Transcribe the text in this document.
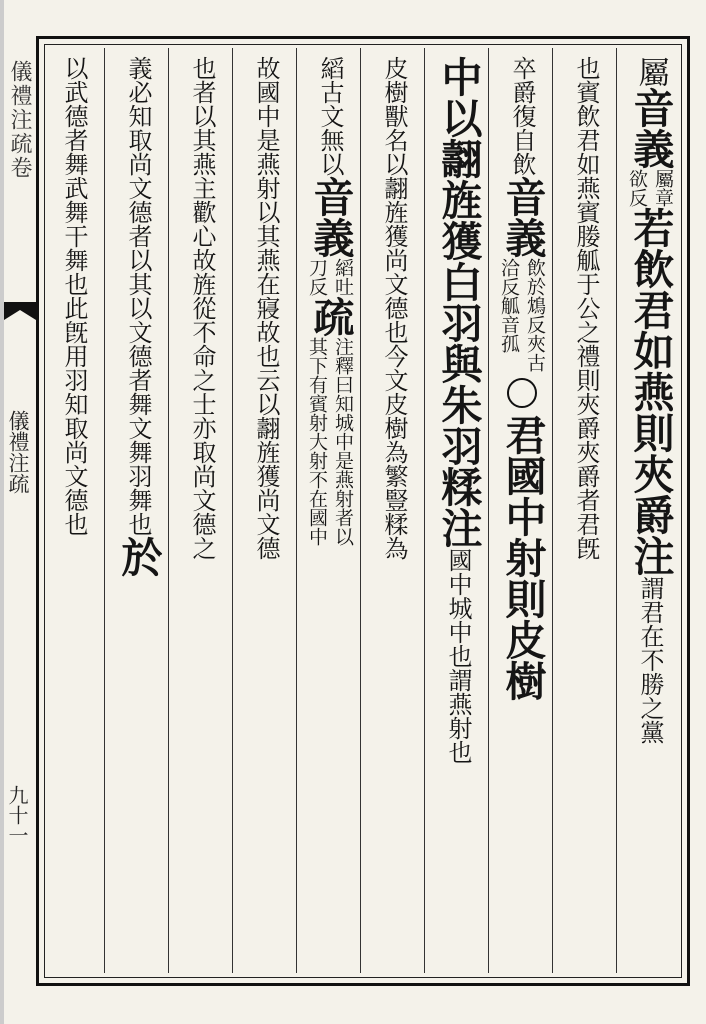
屬
音義
屬章
欲反
若飲君如燕則夾爵注
謂君在不勝之黨
也賓飲君如燕賓媵觚于公之禮則夾爵夾爵者君旣
卒爵復自飲
音義
飲於鴆反夾古
洽反觚音孤
君國中射則皮樹
中以翿旌獲白羽與朱羽糅注
國中城中也謂燕射也
皮樹獸名以翿旌獲尚文德也今文皮樹為繁豎糅為
縚古文無以
音義
縚吐
刀反
疏
注釋曰知城中是燕射者以
其下有賓射大射不在國中
故國中是燕射以其燕在寢故也云以翿旌獲尚文德
也者以其燕主歡心故旌從不命之士亦取尚文德之
義必知取尚文德者以其以文德者舞文舞羽舞也
於
以武德者舞武舞干舞也此旣用羽知取尚文德也
儀禮注疏卷
儀禮注疏
九十一
